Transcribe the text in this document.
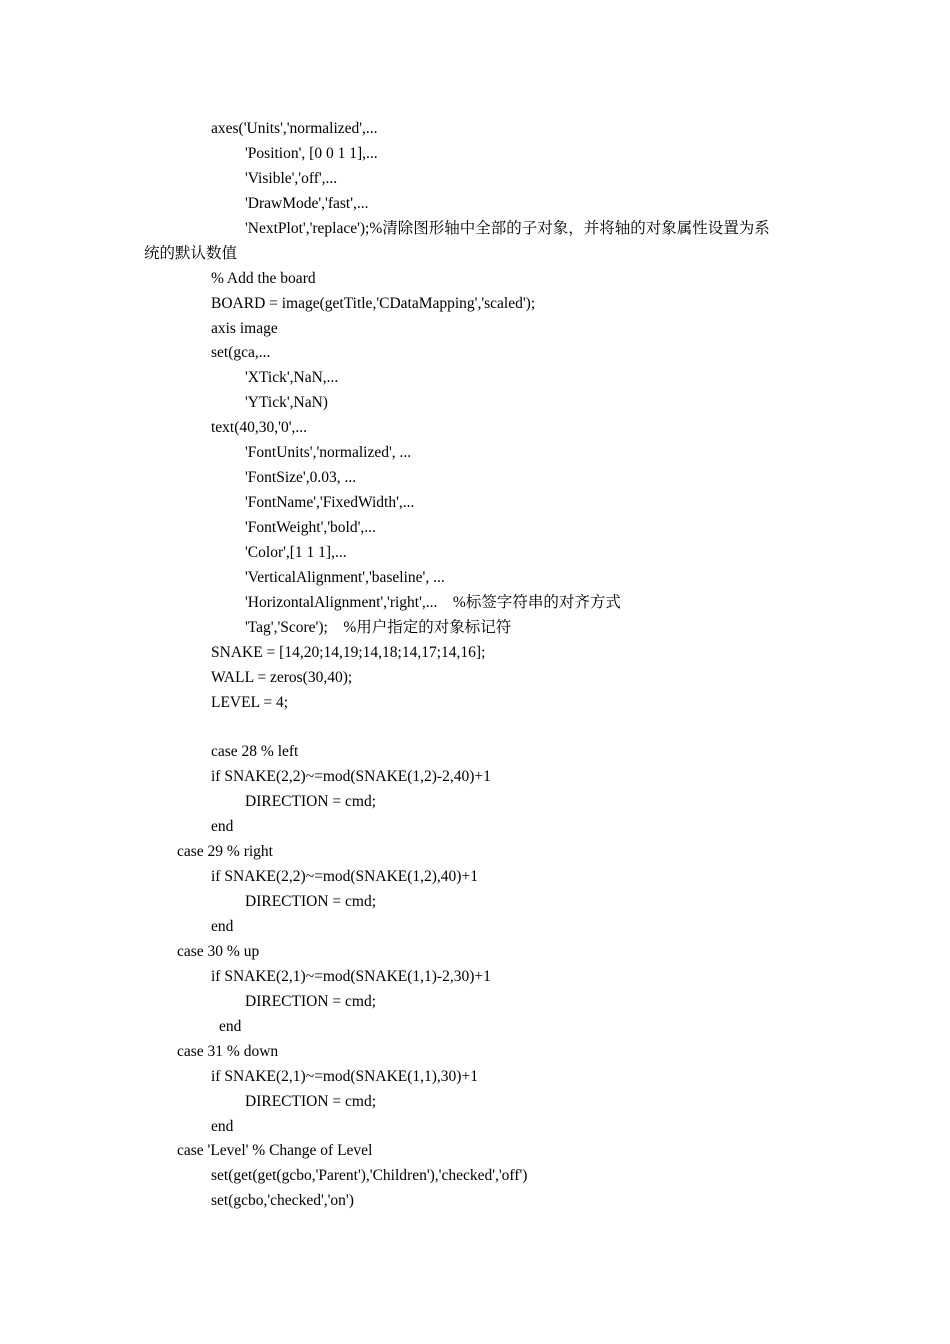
axes('Units','normalized',...
'Position', [0 0 1 1],...
'Visible','off',...
'DrawMode','fast',...
'NextPlot','replace');%清除图形轴中全部的子对象，并将轴的对象属性设置为系
统的默认数值
% Add the board
BOARD = image(getTitle,'CDataMapping','scaled');
axis image
set(gca,...
'XTick',NaN,...
'YTick',NaN)
text(40,30,'0',...
'FontUnits','normalized', ...
'FontSize',0.03, ...
'FontName','FixedWidth',...
'FontWeight','bold',...
'Color',[1 1 1],...
'VerticalAlignment','baseline', ...
'HorizontalAlignment','right',...    %标签字符串的对齐方式
'Tag','Score');    %用户指定的对象标记符
SNAKE = [14,20;14,19;14,18;14,17;14,16];
WALL = zeros(30,40);
LEVEL = 4;
case 28 % left
if SNAKE(2,2)~=mod(SNAKE(1,2)-2,40)+1
DIRECTION = cmd;
end
case 29 % right
if SNAKE(2,2)~=mod(SNAKE(1,2),40)+1
DIRECTION = cmd;
end
case 30 % up
if SNAKE(2,1)~=mod(SNAKE(1,1)-2,30)+1
DIRECTION = cmd;
end
case 31 % down
if SNAKE(2,1)~=mod(SNAKE(1,1),30)+1
DIRECTION = cmd;
end
case 'Level' % Change of Level
set(get(get(gcbo,'Parent'),'Children'),'checked','off')
set(gcbo,'checked','on')
